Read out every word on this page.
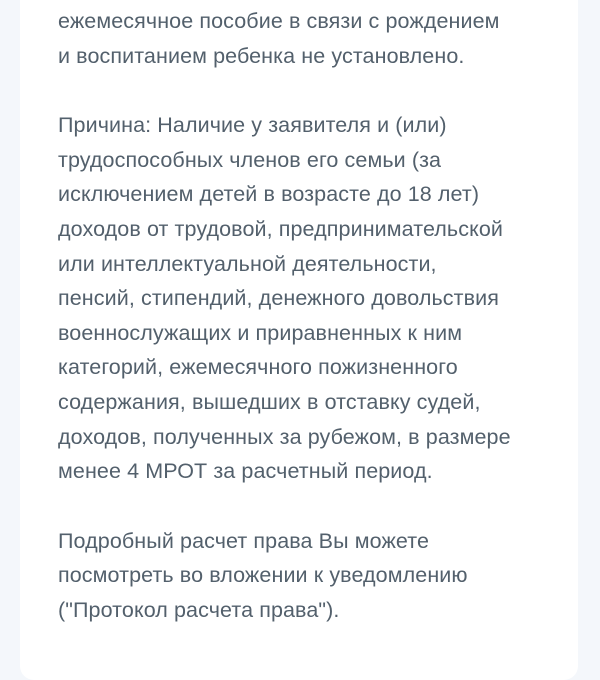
ежемесячное пособие в связи с рождением
и воспитанием ребенка не установлено.

Причина: Наличие у заявителя и (или)
трудоспособных членов его семьи (за
исключением детей в возрасте до 18 лет)
доходов от трудовой, предпринимательской
или интеллектуальной деятельности,
пенсий, стипендий, денежного довольствия
военнослужащих и приравненных к ним
категорий, ежемесячного пожизненного
содержания, вышедших в отставку судей,
доходов, полученных за рубежом, в размере
менее 4 МРОТ за расчетный период.

Подробный расчет права Вы можете
посмотреть во вложении к уведомлению
("Протокол расчета права").
